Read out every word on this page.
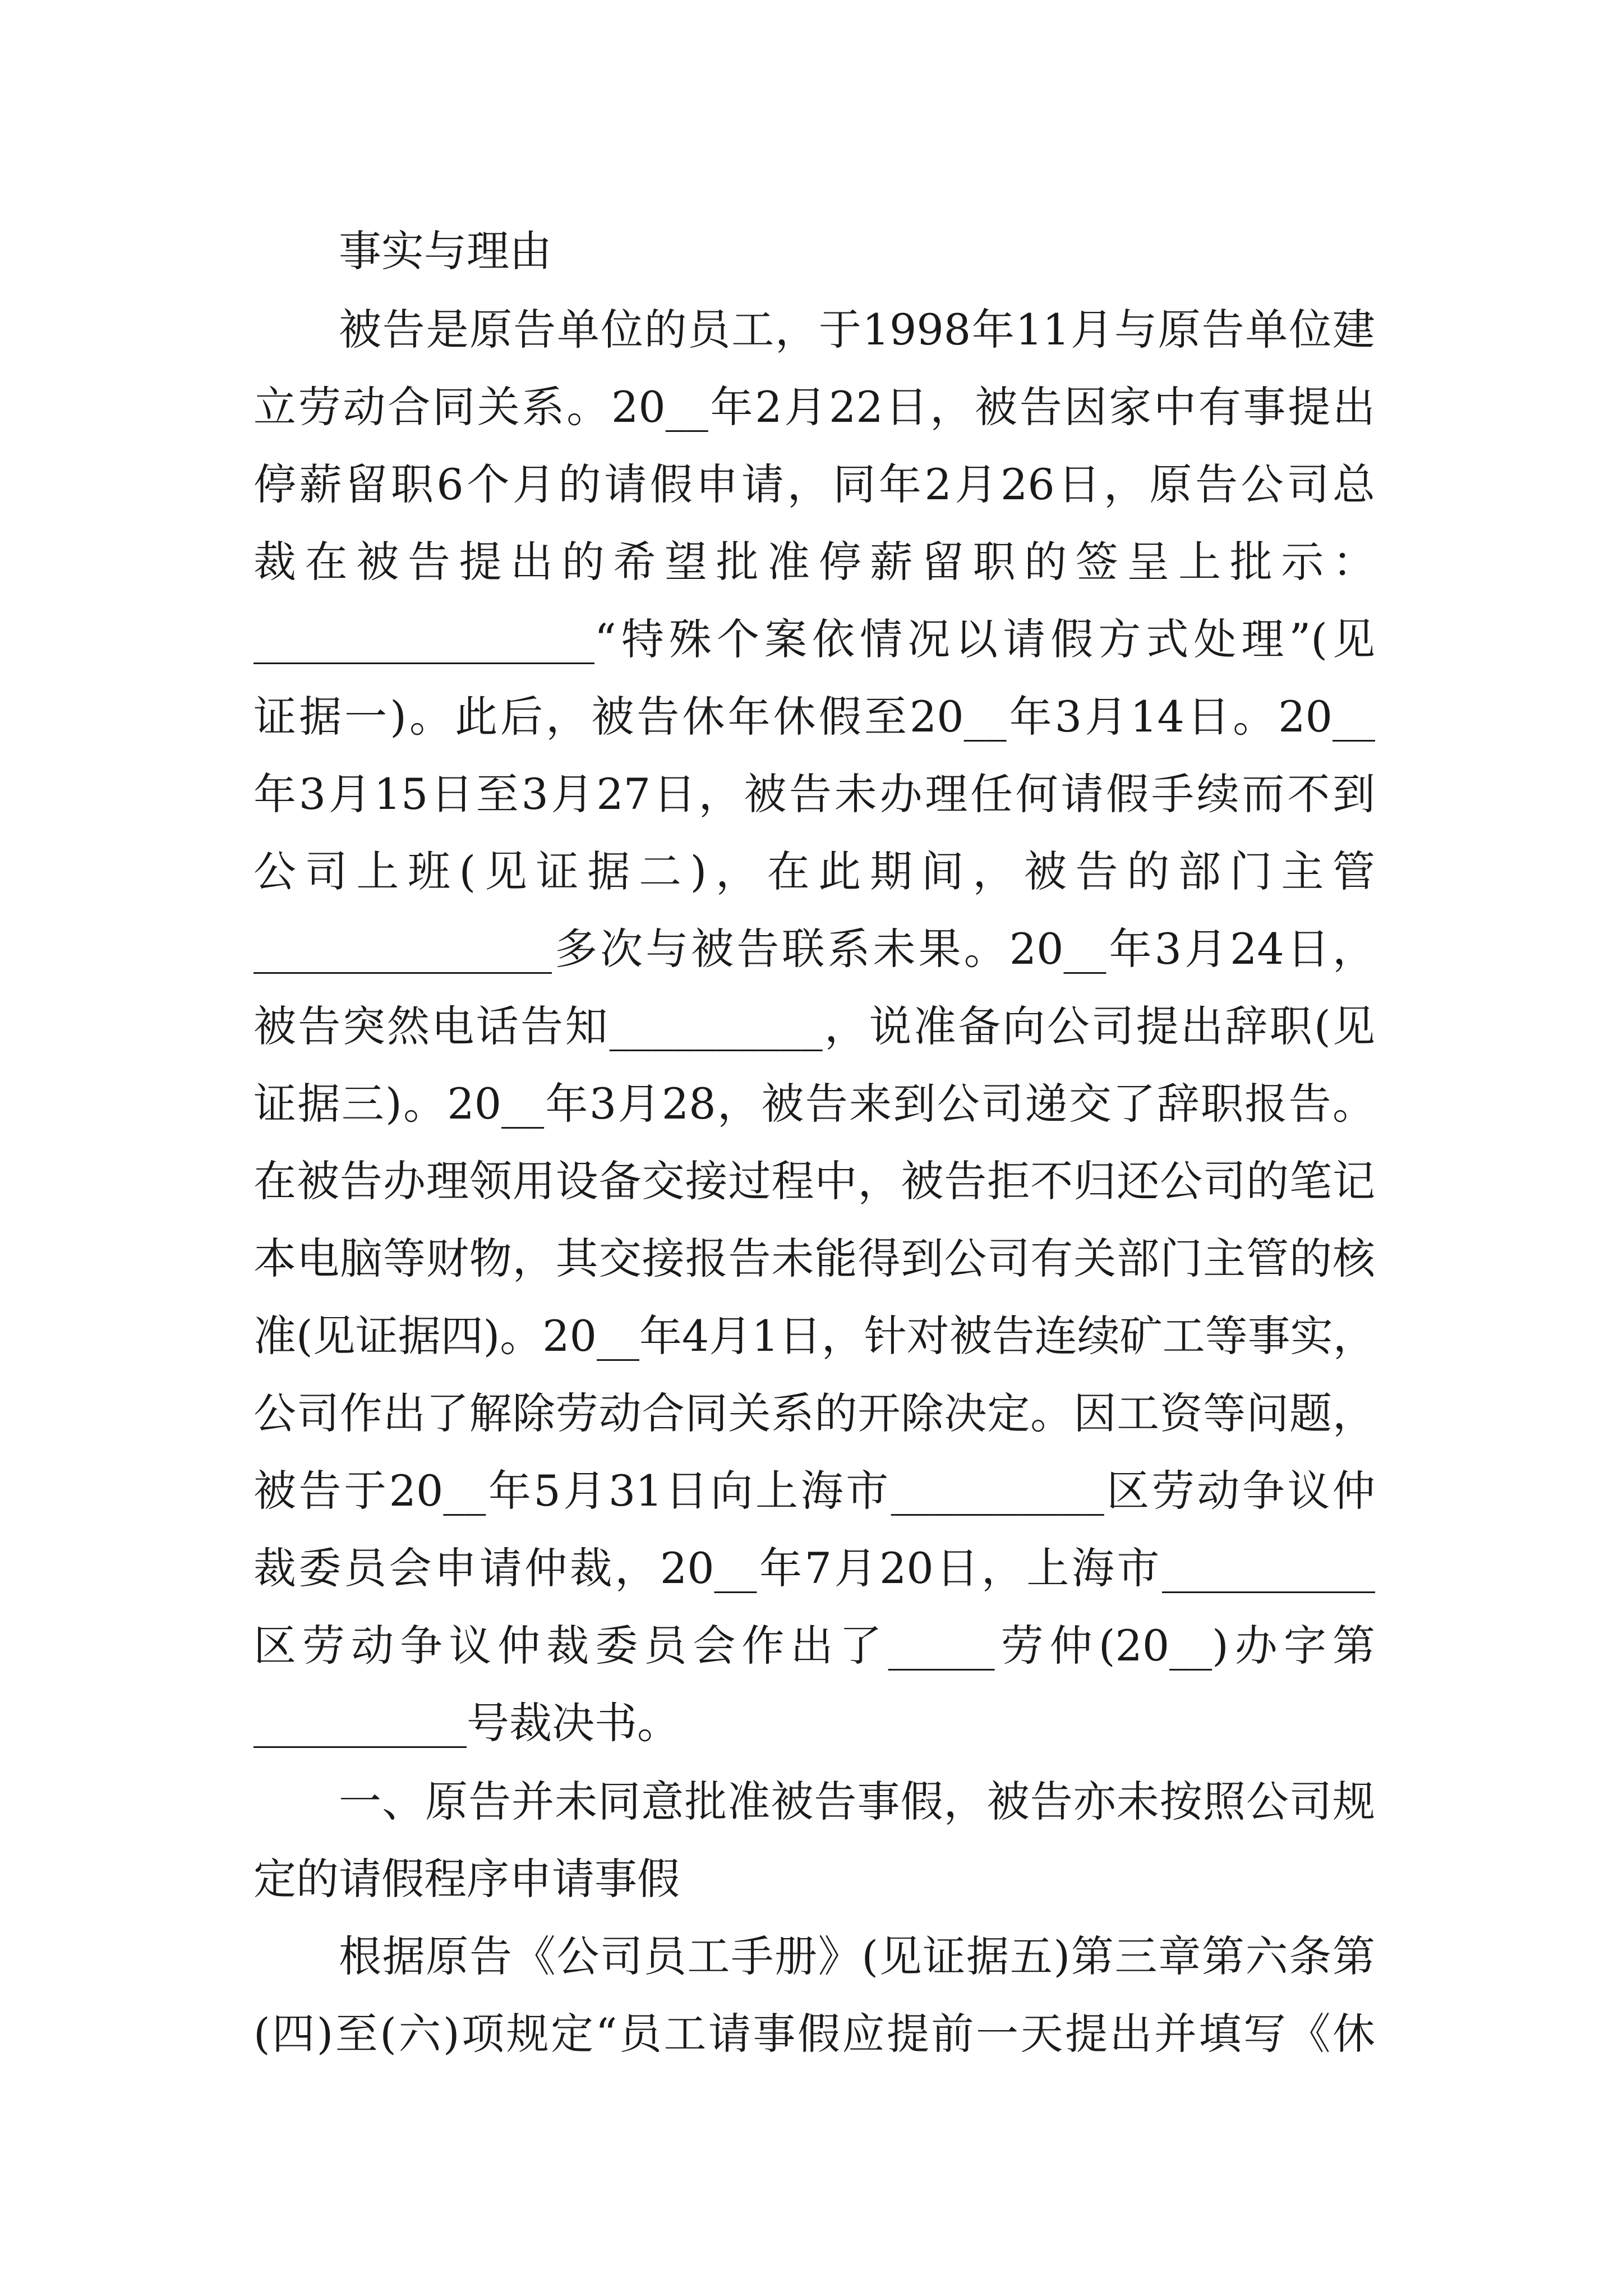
事实与理由
被告是原告单位的员工，于1998年11月与原告单位建
立劳动合同关系。20__年2月22日，被告因家中有事提出
停薪留职6个月的请假申请，同年2月26日，原告公司总
裁在被告提出的希望批准停薪留职的签呈上批示：
________________“特殊个案依情况以请假方式处理”(见
证据一)。此后，被告休年休假至20__年3月14日。20__
年3月15日至3月27日，被告未办理任何请假手续而不到
公司上班(见证据二)，在此期间，被告的部门主管
______________多次与被告联系未果。20__年3月24日，
被告突然电话告知__________，说准备向公司提出辞职(见
证据三)。20__年3月28，被告来到公司递交了辞职报告。
在被告办理领用设备交接过程中，被告拒不归还公司的笔记
本电脑等财物，其交接报告未能得到公司有关部门主管的核
准(见证据四)。20__年4月1日，针对被告连续矿工等事实，
公司作出了解除劳动合同关系的开除决定。因工资等问题，
被告于20__年5月31日向上海市__________区劳动争议仲
裁委员会申请仲裁，20__年7月20日，上海市__________
区劳动争议仲裁委员会作出了_____劳仲(20__)办字第
__________号裁决书。
一、原告并未同意批准被告事假，被告亦未按照公司规
定的请假程序申请事假
根据原告《公司员工手册》(见证据五)第三章第六条第
(四)至(六)项规定“员工请事假应提前一天提出并填写《休
